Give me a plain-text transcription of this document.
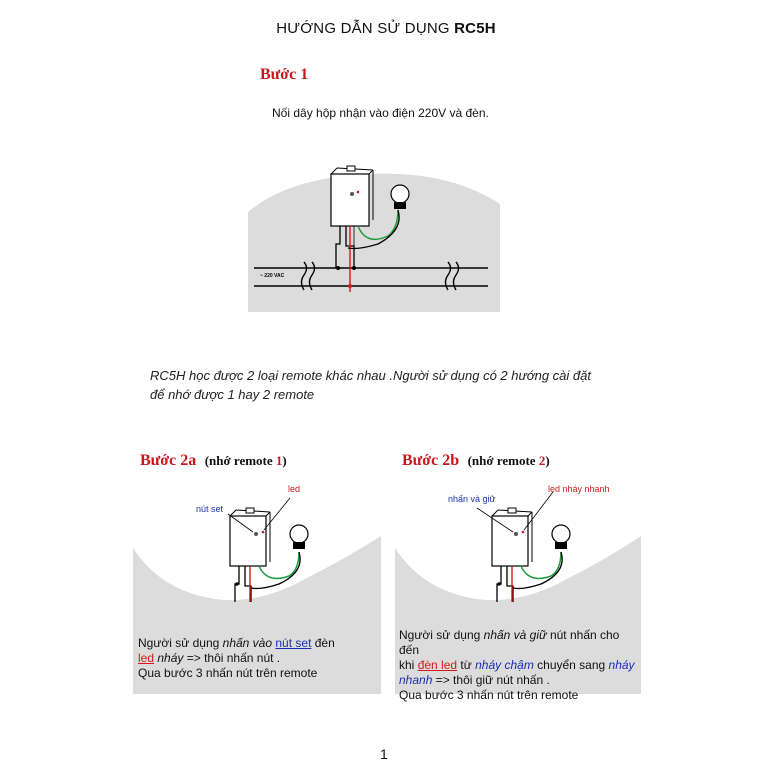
HƯỚNG DẪN SỬ DỤNG RC5H
Bước 1
Nối dây hộp nhận vào điện 220V và đèn.
~ 220 VAC
RC5H học được 2 loại remote khác nhau .Người sử dụng có 2 hướng cài đặt
để nhớ được 1 hay 2 remote
Bước 2a (nhớ remote 1)
nút set
led
Người sử dụng nhấn vào nút set đèn
led nháy => thôi nhấn nút .
Qua bước 3 nhấn nút trên remote
Bước 2b (nhớ remote 2)
nhấn và giữ
led nháy nhanh
Người sử dụng nhấn và giữ nút nhấn cho đến
khi đèn led từ nháy chậm chuyển sang nháy
nhanh => thôi giữ nút nhấn .
Qua bước 3 nhấn nút trên remote
1
